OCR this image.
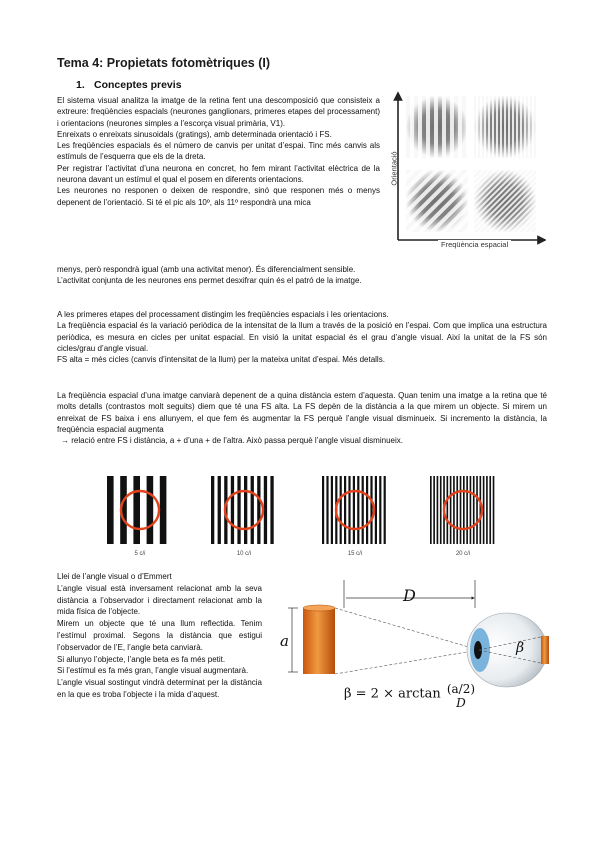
Tema 4: Propietats fotomètriques (I)
1. Conceptes previs

El sistema visual analitza la imatge de la retina fent una descomposició que consisteix a extreure: freqüències espacials (neurones ganglionars, primeres etapes del processament) i orientacions (neurones simples a l’escorça visual primària, V1).

Enreixats o enreixats sinusoidals (gratings), amb determinada orientació i FS.

Les freqüències espacials és el número de canvis per unitat d’espai. Tinc més canvis als estímuls de l’esquerra que els de la dreta.

Per registrar l’activitat d’una neurona en concret, ho fem mirant l’activitat elèctrica de la neurona davant un estímul el qual el posem en diferents orientacions.

Les neurones no responen o deixen de respondre, sinó que responen més o menys depenent de l’orientació. Si té el pic als 10º, als 11º respondrà una mica

menys, però respondrà igual (amb una activitat menor). És diferencialment sensible.

L’activitat conjunta de les neurones ens permet desxifrar quin és el patró de la imatge.

Orientació
Freqüència espacial

A les primeres etapes del processament distingim les freqüències espacials i les orientacions.

La freqüència espacial és la variació periòdica de la intensitat de la llum a través de la posició en l’espai. Com que implica una estructura periòdica, es mesura en cicles per unitat espacial. En visió la unitat espacial és el grau d’angle visual. Així la unitat de la FS són cicles/grau d’angle visual.

FS alta = més cicles (canvis d’intensitat de la llum) per la mateixa unitat d’espai. Més detalls.

La freqüència espacial d’una imatge canviarà depenent de a quina distància estem d’aquesta. Quan tenim una imatge a la retina que té molts detalls (contrastos molt seguits) diem que té una FS alta. La FS depèn de la distància a la que mirem un objecte. Si mirem un enreixat de FS baixa i ens allunyem, el que fem és augmentar la FS perquè l’angle visual disminueix. Si incremento la distància, la freqüència espacial augmenta

→ relació entre FS i distància, a + d’una + de l’altra. Això passa perquè l’angle visual disminueix.

5 c/i	10 c/i	15 c/i	20 c/i

Llei de l’angle visual o d’Emmert

L’angle visual està inversament relacionat amb la seva distància a l’observador i directament relacionat amb la mida física de l’objecte.

Mirem un objecte que té una llum reflectida. Tenim l’estímul proximal. Segons la distància que estigui l’observador de l’E, l’angle beta canviarà.

Si allunyo l’objecte, l’angle beta es fa més petit.

Si l’estímul es fa més gran, l’angle visual augmentarà.

L’angle visual sostingut vindrà determinat per la distància en la que es troba l’objecte i la mida d’aquest.

D
a	β
β = 2 × arctan (a/2)
D
